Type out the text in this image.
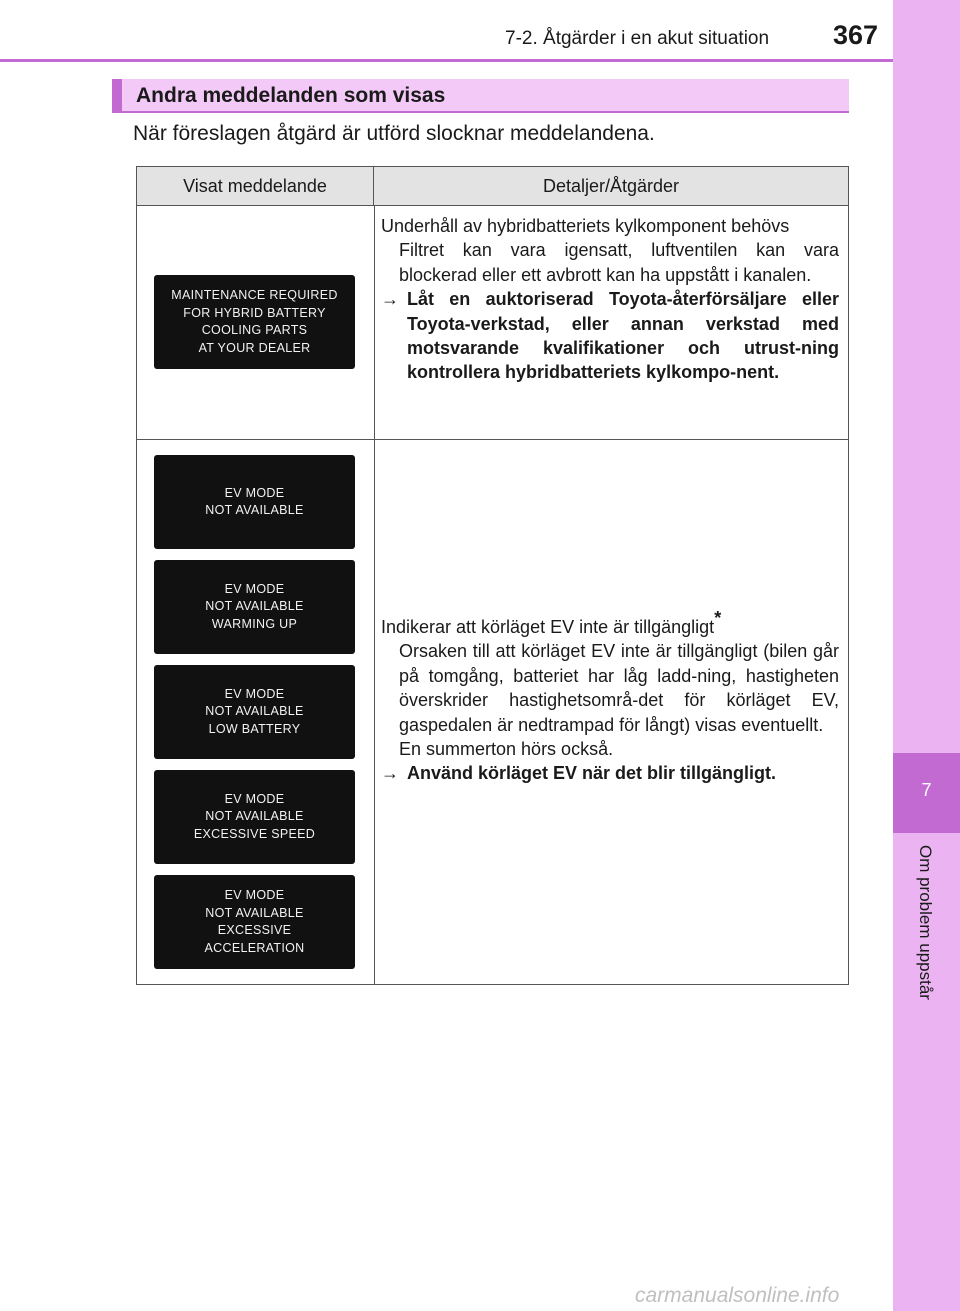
7-2. Åtgärder i en akut situation 367
7
Om problem uppstår
Andra meddelanden som visas
När föreslagen åtgärd är utförd slocknar meddelandena.
Visat meddelande	Detaljer/Åtgärder
MAINTENANCE REQUIRED
FOR HYBRID BATTERY
COOLING PARTS
AT YOUR DEALER
Underhåll av hybridbatteriets kylkomponent behövs
Filtret kan vara igensatt, luftventilen kan vara blockerad eller ett avbrott kan ha uppstått i kanalen.
→ Låt en auktoriserad Toyota-återförsäljare eller Toyota-verkstad, eller annan verkstad med motsvarande kvalifikationer och utrust-ning kontrollera hybridbatteriets kylkompo-nent.
EV MODE
NOT AVAILABLE
EV MODE
NOT AVAILABLE
WARMING UP
EV MODE
NOT AVAILABLE
LOW BATTERY
EV MODE
NOT AVAILABLE
EXCESSIVE SPEED
EV MODE
NOT AVAILABLE
EXCESSIVE
ACCELERATION
Indikerar att körläget EV inte är tillgängligt*
Orsaken till att körläget EV inte är tillgängligt (bilen går på tomgång, batteriet har låg ladd-ning, hastigheten överskrider hastighetsområ-det för körläget EV, gaspedalen är nedtrampad för långt) visas eventuellt.
En summerton hörs också.
→ Använd körläget EV när det blir tillgängligt.
carmanualsonline.info
